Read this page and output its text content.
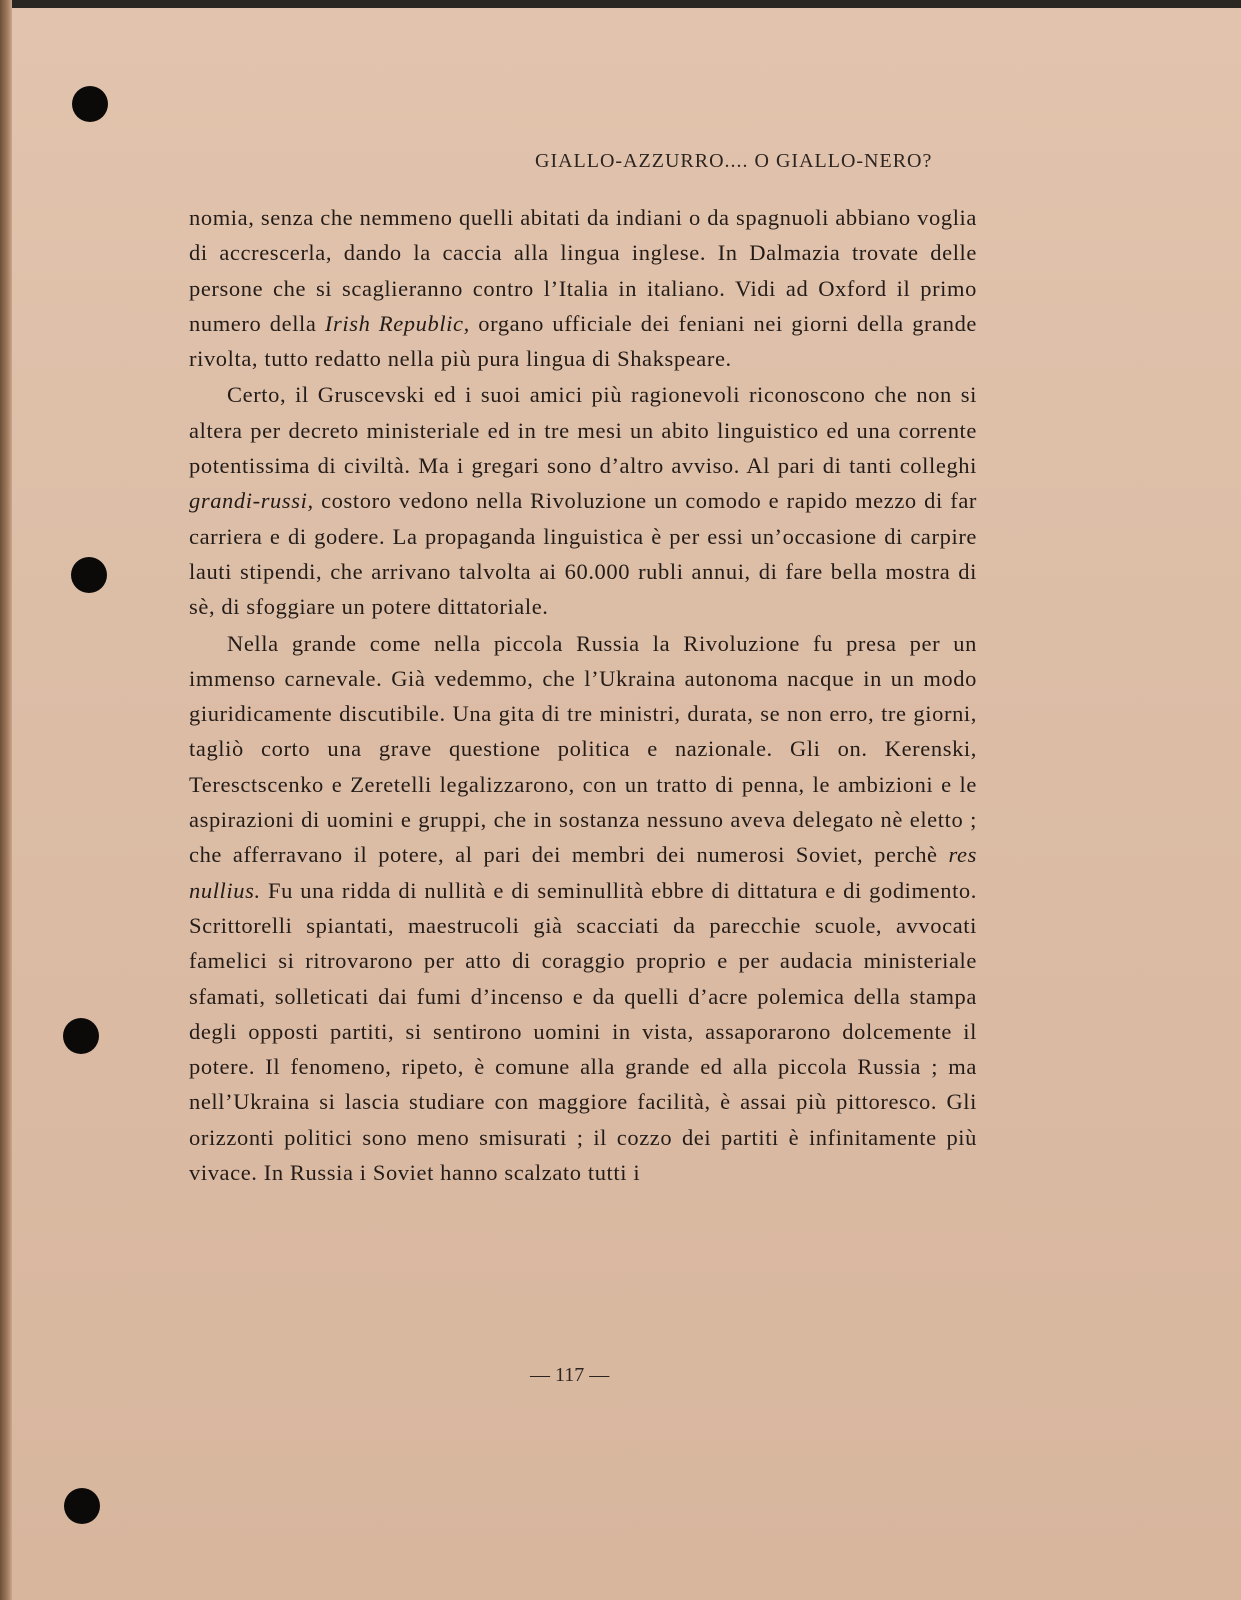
GIALLO-AZZURRO.... O GIALLO-NERO?

nomia, senza che nemmeno quelli abitati da indiani o da spagnuoli abbiano voglia di accrescerla, dando la caccia alla lingua inglese. In Dalmazia trovate delle persone che si scaglieranno contro l’Italia in italiano. Vidi ad Oxford il primo numero della Irish Republic, organo ufficiale dei feniani nei giorni della grande rivolta, tutto redatto nella più pura lingua di Shakspeare.

Certo, il Gruscevski ed i suoi amici più ragionevoli riconoscono che non si altera per decreto ministeriale ed in tre mesi un abito linguistico ed una corrente potentissima di civiltà. Ma i gregari sono d’altro avviso. Al pari di tanti colleghi grandi-russi, costoro vedono nella Rivoluzione un comodo e rapido mezzo di far carriera e di godere. La propaganda linguistica è per essi un’occasione di carpire lauti stipendi, che arrivano talvolta ai 60.000 rubli annui, di fare bella mostra di sè, di sfoggiare un potere dittatoriale.

Nella grande come nella piccola Russia la Rivoluzione fu presa per un immenso carnevale. Già vedemmo, che l’Ukraina autonoma nacque in un modo giuridicamente discutibile. Una gita di tre ministri, durata, se non erro, tre giorni, tagliò corto una grave questione politica e nazionale. Gli on. Kerenski, Teresctscenko e Zeretelli legalizzarono, con un tratto di penna, le ambizioni e le aspirazioni di uomini e gruppi, che in sostanza nessuno aveva delegato nè eletto ; che afferravano il potere, al pari dei membri dei numerosi Soviet, perchè res nullius. Fu una ridda di nullità e di seminullità ebbre di dittatura e di godimento. Scrittorelli spiantati, maestrucoli già scacciati da parecchie scuole, avvocati famelici si ritrovarono per atto di coraggio proprio e per audacia ministeriale sfamati, solleticati dai fumi d’incenso e da quelli d’acre polemica della stampa degli opposti partiti, si sentirono uomini in vista, assaporarono dolcemente il potere. Il fenomeno, ripeto, è comune alla grande ed alla piccola Russia ; ma nell’Ukraina si lascia studiare con maggiore facilità, è assai più pittoresco. Gli orizzonti politici sono meno smisurati ; il cozzo dei partiti è infinitamente più vivace. In Russia i Soviet hanno scalzato tutti i

— 117 —
